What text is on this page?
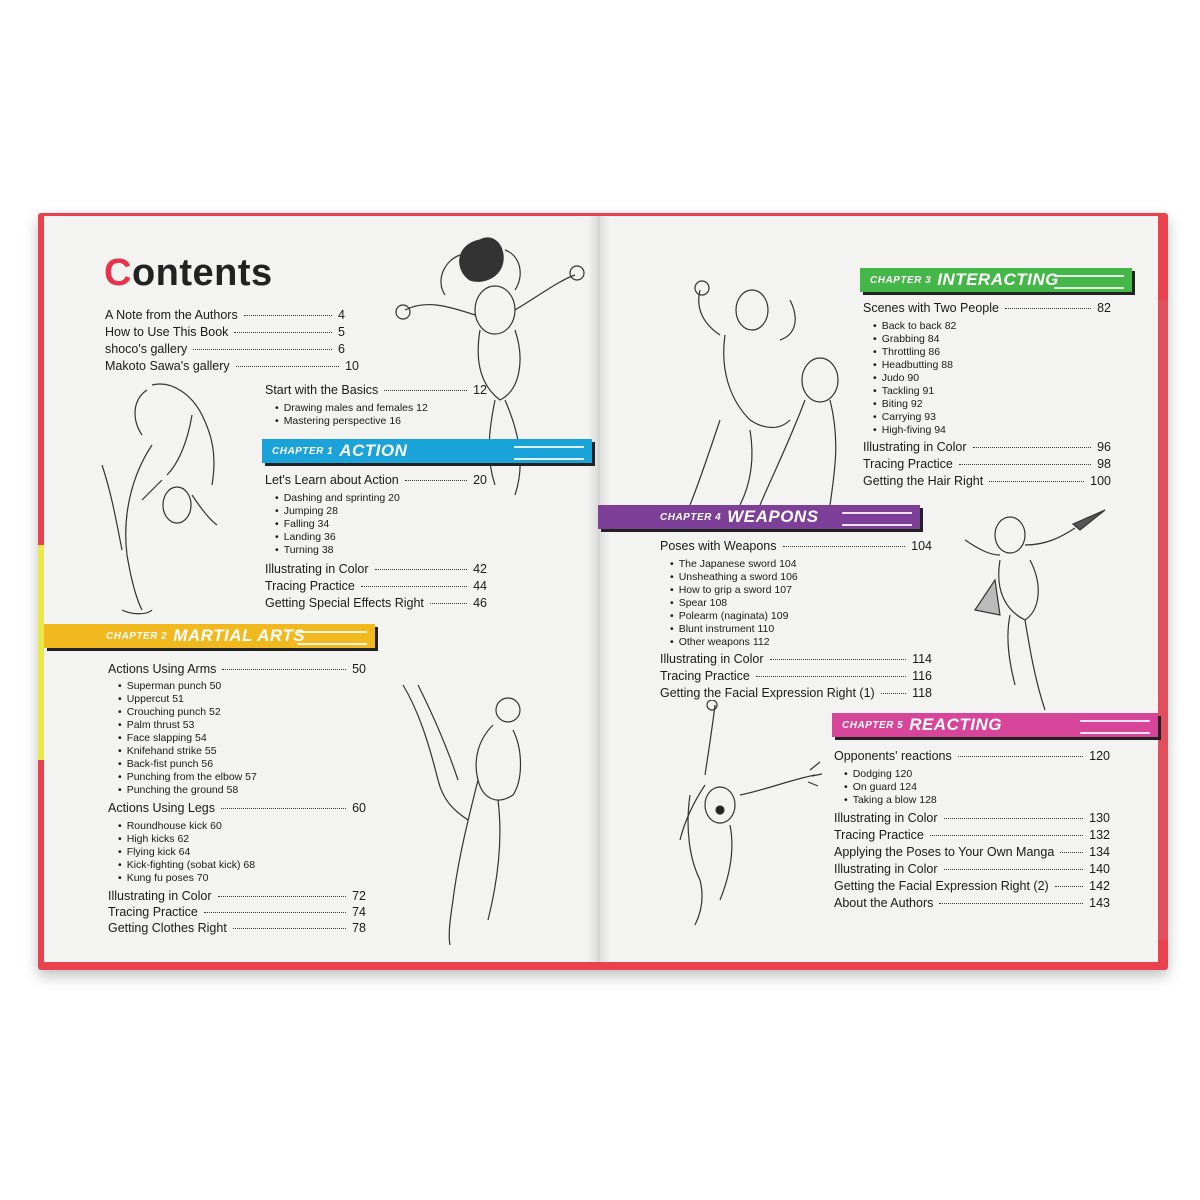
Contents
A Note from the Authors	4
How to Use This Book	5
shoco's gallery	6
Makoto Sawa's gallery	10
Start with the Basics	12
• Drawing males and females 12
• Mastering perspective 16
CHAPTER 1 ACTION
Let's Learn about Action	20
• Dashing and sprinting 20
• Jumping 28
• Falling 34
• Landing 36
• Turning 38
Illustrating in Color	42
Tracing Practice	44
Getting Special Effects Right	46
CHAPTER 2 MARTIAL ARTS
Actions Using Arms	50
• Superman punch 50
• Uppercut 51
• Crouching punch 52
• Palm thrust 53
• Face slapping 54
• Knifehand strike 55
• Back-fist punch 56
• Punching from the elbow 57
• Punching the ground 58
Actions Using Legs	60
• Roundhouse kick 60
• High kicks 62
• Flying kick 64
• Kick-fighting (sobat kick) 68
• Kung fu poses 70
Illustrating in Color	72
Tracing Practice	74
Getting Clothes Right	78
CHAPTER 3 INTERACTING
Scenes with Two People	82
• Back to back 82
• Grabbing 84
• Throttling 86
• Headbutting 88
• Judo 90
• Tackling 91
• Biting 92
• Carrying 93
• High-fiving 94
Illustrating in Color	96
Tracing Practice	98
Getting the Hair Right	100
CHAPTER 4 WEAPONS
Poses with Weapons	104
• The Japanese sword 104
• Unsheathing a sword 106
• How to grip a sword 107
• Spear 108
• Polearm (naginata) 109
• Blunt instrument 110
• Other weapons 112
Illustrating in Color	114
Tracing Practice	116
Getting the Facial Expression Right (1)	118
CHAPTER 5 REACTING
Opponents' reactions	120
• Dodging 120
• On guard 124
• Taking a blow 128
Illustrating in Color	130
Tracing Practice	132
Applying the Poses to Your Own Manga	134
Illustrating in Color	140
Getting the Facial Expression Right (2)	142
About the Authors	143
